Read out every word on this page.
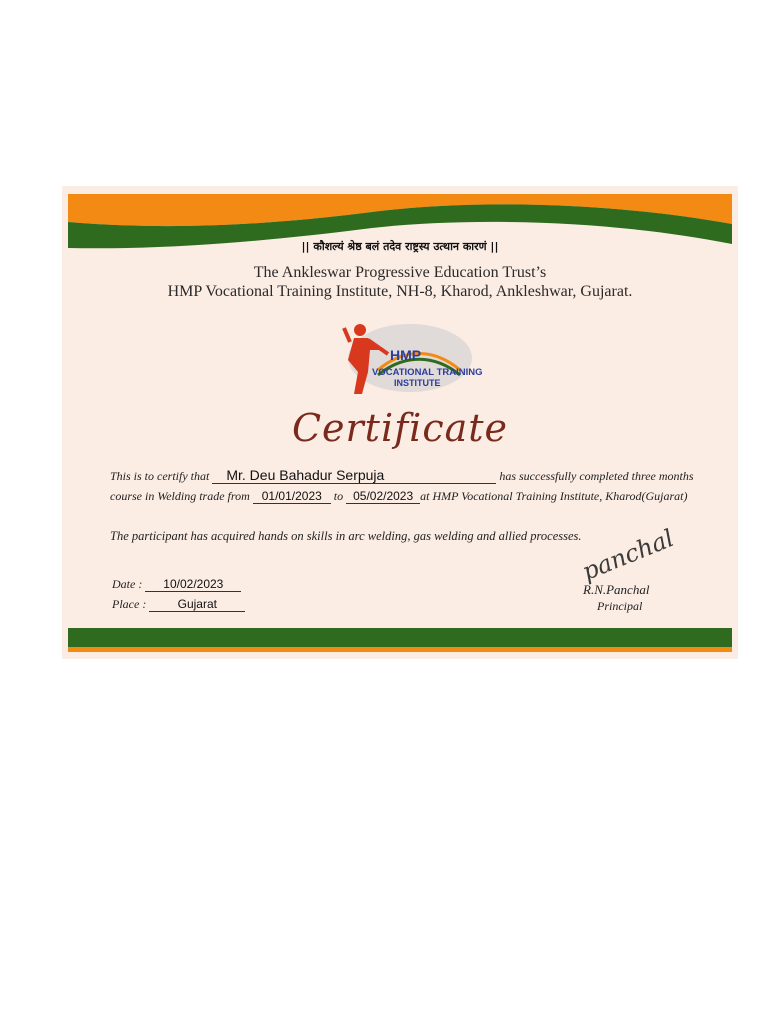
|| कौशल्यं श्रेष्ठ बलं तदेव राष्ट्रस्य उत्थान कारणं ||
The Ankleswar Progressive Education Trust’s
HMP Vocational Training Institute, NH-8, Kharod, Ankleshwar, Gujarat.
HMP
VOCATIONAL TRAINING
INSTITUTE
Certificate
This is to certify that Mr. Deu Bahadur Serpuja	has successfully completed three months
course in Welding trade from 01/01/2023 to 05/02/2023 at HMP Vocational Training Institute, Kharod(Gujarat)
The participant has acquired hands on skills in arc welding, gas welding and allied processes.
Date : 10/02/2023
Place :	Gujarat
panchal
R.N.Panchal
Principal
